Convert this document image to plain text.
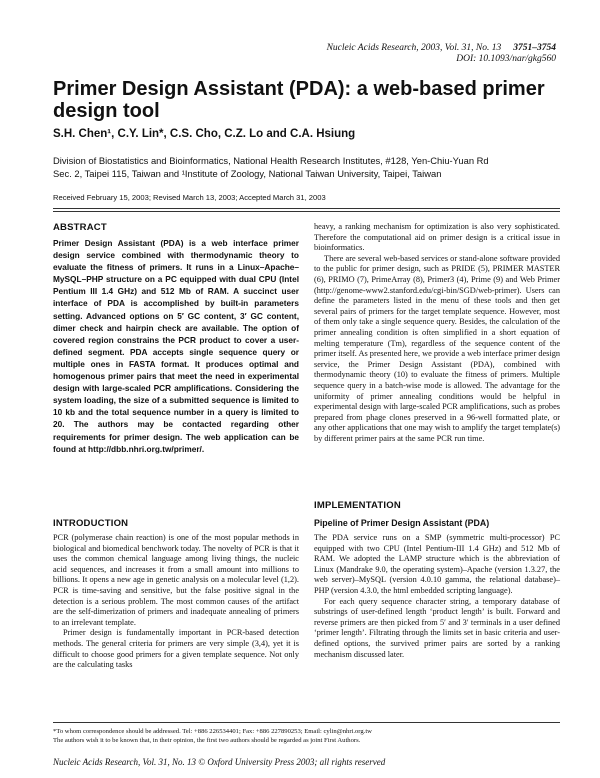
Nucleic Acids Research, 2003, Vol. 31, No. 13 3751–3754
DOI: 10.1093/nar/gkg560
Primer Design Assistant (PDA): a web-based primer design tool
S.H. Chen¹, C.Y. Lin*, C.S. Cho, C.Z. Lo and C.A. Hsiung
Division of Biostatistics and Bioinformatics, National Health Research Institutes, #128, Yen-Chiu-Yuan Rd
Sec. 2, Taipei 115, Taiwan and ¹Institute of Zoology, National Taiwan University, Taipei, Taiwan
Received February 15, 2003; Revised March 13, 2003; Accepted March 31, 2003
ABSTRACT
Primer Design Assistant (PDA) is a web interface primer design service combined with thermodynamic theory to evaluate the fitness of primers. It runs in a Linux–Apache–MySQL–PHP structure on a PC equipped with dual CPU (Intel Pentium III 1.4 GHz) and 512 Mb of RAM. A succinct user interface of PDA is accomplished by built-in parameters setting. Advanced options on 5′ GC content, 3′ GC content, dimer check and hairpin check are available. The option of covered region constrains the PCR product to cover a user-defined segment. PDA accepts single sequence query or multiple ones in FASTA format. It produces optimal and homogenous primer pairs that meet the need in experimental design with large-scaled PCR amplifications. Considering the system loading, the size of a submitted sequence is limited to 10 kb and the total sequence number in a query is limited to 20. The authors may be contacted regarding other requirements for primer design. The web application can be found at http://dbb.nhri.org.tw/primer/.
INTRODUCTION

PCR (polymerase chain reaction) is one of the most popular methods in biological and biomedical benchwork today. The novelty of PCR is that it uses the common chemical language among living things, the nucleic acid sequences, and increases it from a small amount into millions to billions. It opens a new age in genetic analysis on a molecular level (1,2). PCR is time-saving and sensitive, but the false positive signal in the detection is a serious problem. The most common causes of the artifact are the self-dimerization of primers and inadequate annealing of primers to an irrelevant template.

Primer design is fundamentally important in PCR-based detection methods. The general criteria for primers are very simple (3,4), yet it is difficult to choose good primers for a given template sequence. Not only are the calculating tasks

heavy, a ranking mechanism for optimization is also very sophisticated. Therefore the computational aid on primer design is a critical issue in bioinformatics.

There are several web-based services or stand-alone software provided to the public for primer design, such as PRIDE (5), PRIMER MASTER (6), PRIMO (7), PrimeArray (8), Primer3 (4), Prime (9) and Web Primer (http://genome-www2.stanford.edu/cgi-bin/SGD/web-primer). Users can define the parameters listed in the menu of these tools and then get several pairs of primers for the target template sequence. However, most of them only take a single sequence query. Besides, the calculation of the primer annealing condition is often simplified in a short equation of melting temperature (Tm), regardless of the sequence content of the primer itself. As presented here, we provide a web interface primer design service, the Primer Design Assistant (PDA), combined with thermodynamic theory (10) to evaluate the fitness of primers. Multiple sequence query in a batch-wise mode is allowed. The advantage for the uniformity of primer annealing conditions would be helpful in experimental design with large-scaled PCR amplifications, such as probes prepared from phage clones preserved in a 96-well formatted plate, or any other applications that one may wish to amplify the target template(s) by different primer pairs at the same PCR run time.

IMPLEMENTATION
Pipeline of Primer Design Assistant (PDA)

The PDA service runs on a SMP (symmetric multi-processor) PC equipped with two CPU (Intel Pentium-III 1.4 GHz) and 512 Mb of RAM. We adopted the LAMP structure which is the abbreviation of Linux (Mandrake 9.0, the operating system)–Apache (version 1.3.27, the web server)–MySQL (version 4.0.10 gamma, the relational database)–PHP (version 4.3.0, the html embedded scripting language).

For each query sequence character string, a temporary database of substrings of user-defined length ‘product length’ is built. Forward and reverse primers are then picked from 5′ and 3′ terminals in a user defined ‘primer length’. Filtrating through the limits set in basic criteria and user-defined options, the survived primer pairs are sorted by a ranking mechanism discussed later.

*To whom correspondence should be addressed. Tel: +886 226534401; Fax: +886 227890253; Email: cylin@nhri.org.tw
The authors wish it to be known that, in their opinion, the first two authors should be regarded as joint First Authors.
Nucleic Acids Research, Vol. 31, No. 13 © Oxford University Press 2003; all rights reserved
